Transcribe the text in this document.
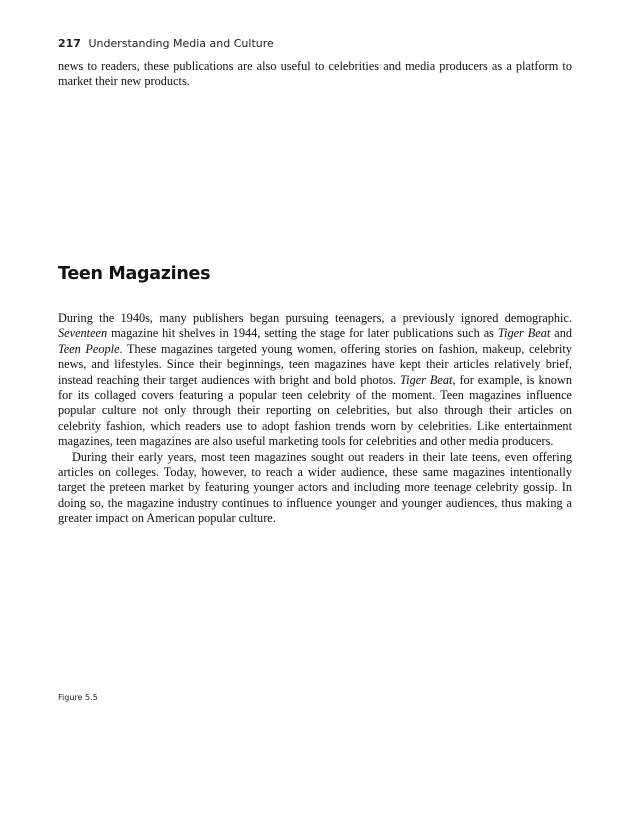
217 Understanding Media and Culture

news to readers, these publications are also useful to celebrities and media producers as a platform to market their new products.

Teen Magazines

During the 1940s, many publishers began pursuing teenagers, a previously ignored demographic. Seventeen magazine hit shelves in 1944, setting the stage for later publications such as Tiger Beat and Teen People. These magazines targeted young women, offering stories on fashion, makeup, celebrity news, and lifestyles. Since their beginnings, teen magazines have kept their articles relatively brief, instead reaching their target audiences with bright and bold photos. Tiger Beat, for example, is known for its collaged covers featuring a popular teen celebrity of the moment. Teen magazines influence popular culture not only through their reporting on celebrities, but also through their articles on celebrity fashion, which readers use to adopt fashion trends worn by celebrities. Like entertainment magazines, teen magazines are also useful marketing tools for celebrities and other media producers.

During their early years, most teen magazines sought out readers in their late teens, even offering articles on colleges. Today, however, to reach a wider audience, these same magazines intentionally target the preteen market by featuring younger actors and including more teenage celebrity gossip. In doing so, the magazine industry continues to influence younger and younger audiences, thus making a greater impact on American popular culture.

Figure 5.5
